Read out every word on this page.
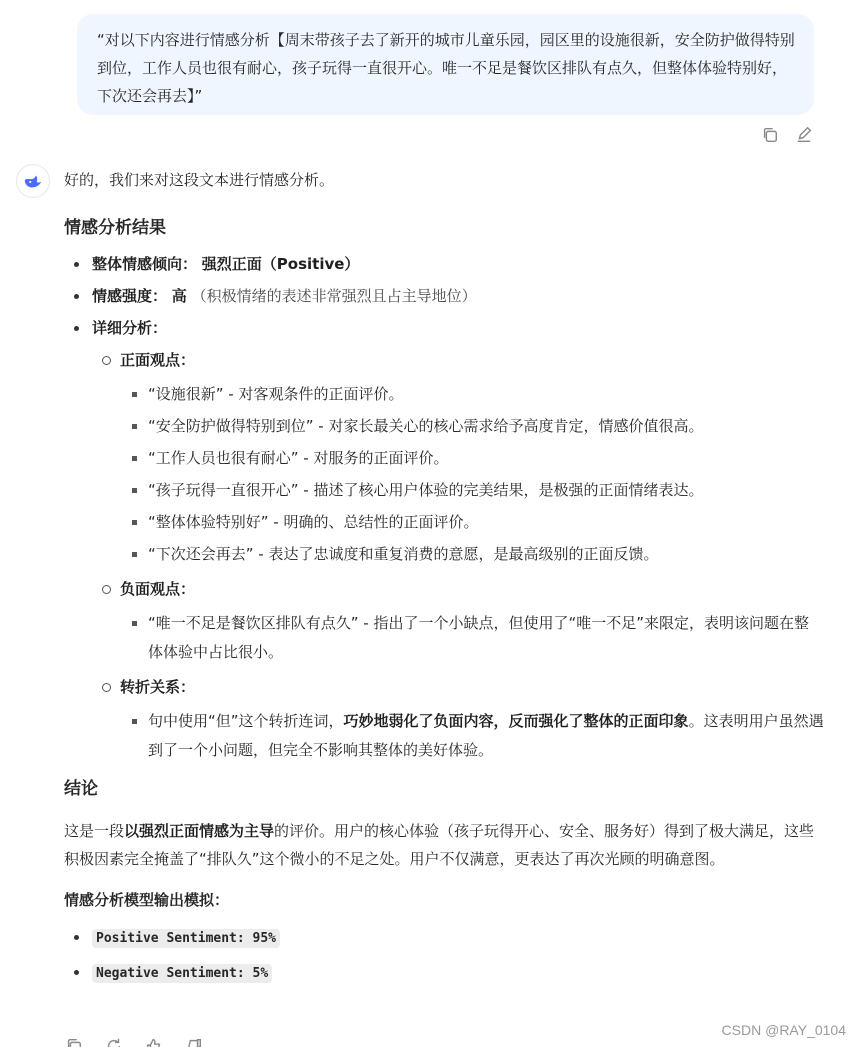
“对以下内容进行情感分析【周末带孩子去了新开的城市儿童乐园，园区里的设施很新，安全防护做得特别到位，工作人员也很有耐心，孩子玩得一直很开心。唯一不足是餐饮区排队有点久，但整体体验特别好，下次还会再去】”

好的，我们来对这段文本进行情感分析。

情感分析结果
整体情感倾向： 强烈正面（Positive）
情感强度： 高 （积极情绪的表述非常强烈且占主导地位）
详细分析：
正面观点：
“设施很新” - 对客观条件的正面评价。
“安全防护做得特别到位” - 对家长最关心的核心需求给予高度肯定，情感价值很高。
“工作人员也很有耐心” - 对服务的正面评价。
“孩子玩得一直很开心” - 描述了核心用户体验的完美结果，是极强的正面情绪表达。
“整体体验特别好” - 明确的、总结性的正面评价。
“下次还会再去” - 表达了忠诚度和重复消费的意愿，是最高级别的正面反馈。
负面观点：
“唯一不足是餐饮区排队有点久” - 指出了一个小缺点，但使用了“唯一不足”来限定，表明该问题在整体体验中占比很小。
转折关系：
句中使用“但”这个转折连词，巧妙地弱化了负面内容，反而强化了整体的正面印象。这表明用户虽然遇到了一个小问题，但完全不影响其整体的美好体验。
结论

这是一段以强烈正面情感为主导的评价。用户的核心体验（孩子玩得开心、安全、服务好）得到了极大满足，这些积极因素完全掩盖了“排队久”这个微小的不足之处。用户不仅满意，更表达了再次光顾的明确意图。

情感分析模型输出模拟：

Positive Sentiment: 95%
Negative Sentiment: 5%
CSDN @RAY_0104
